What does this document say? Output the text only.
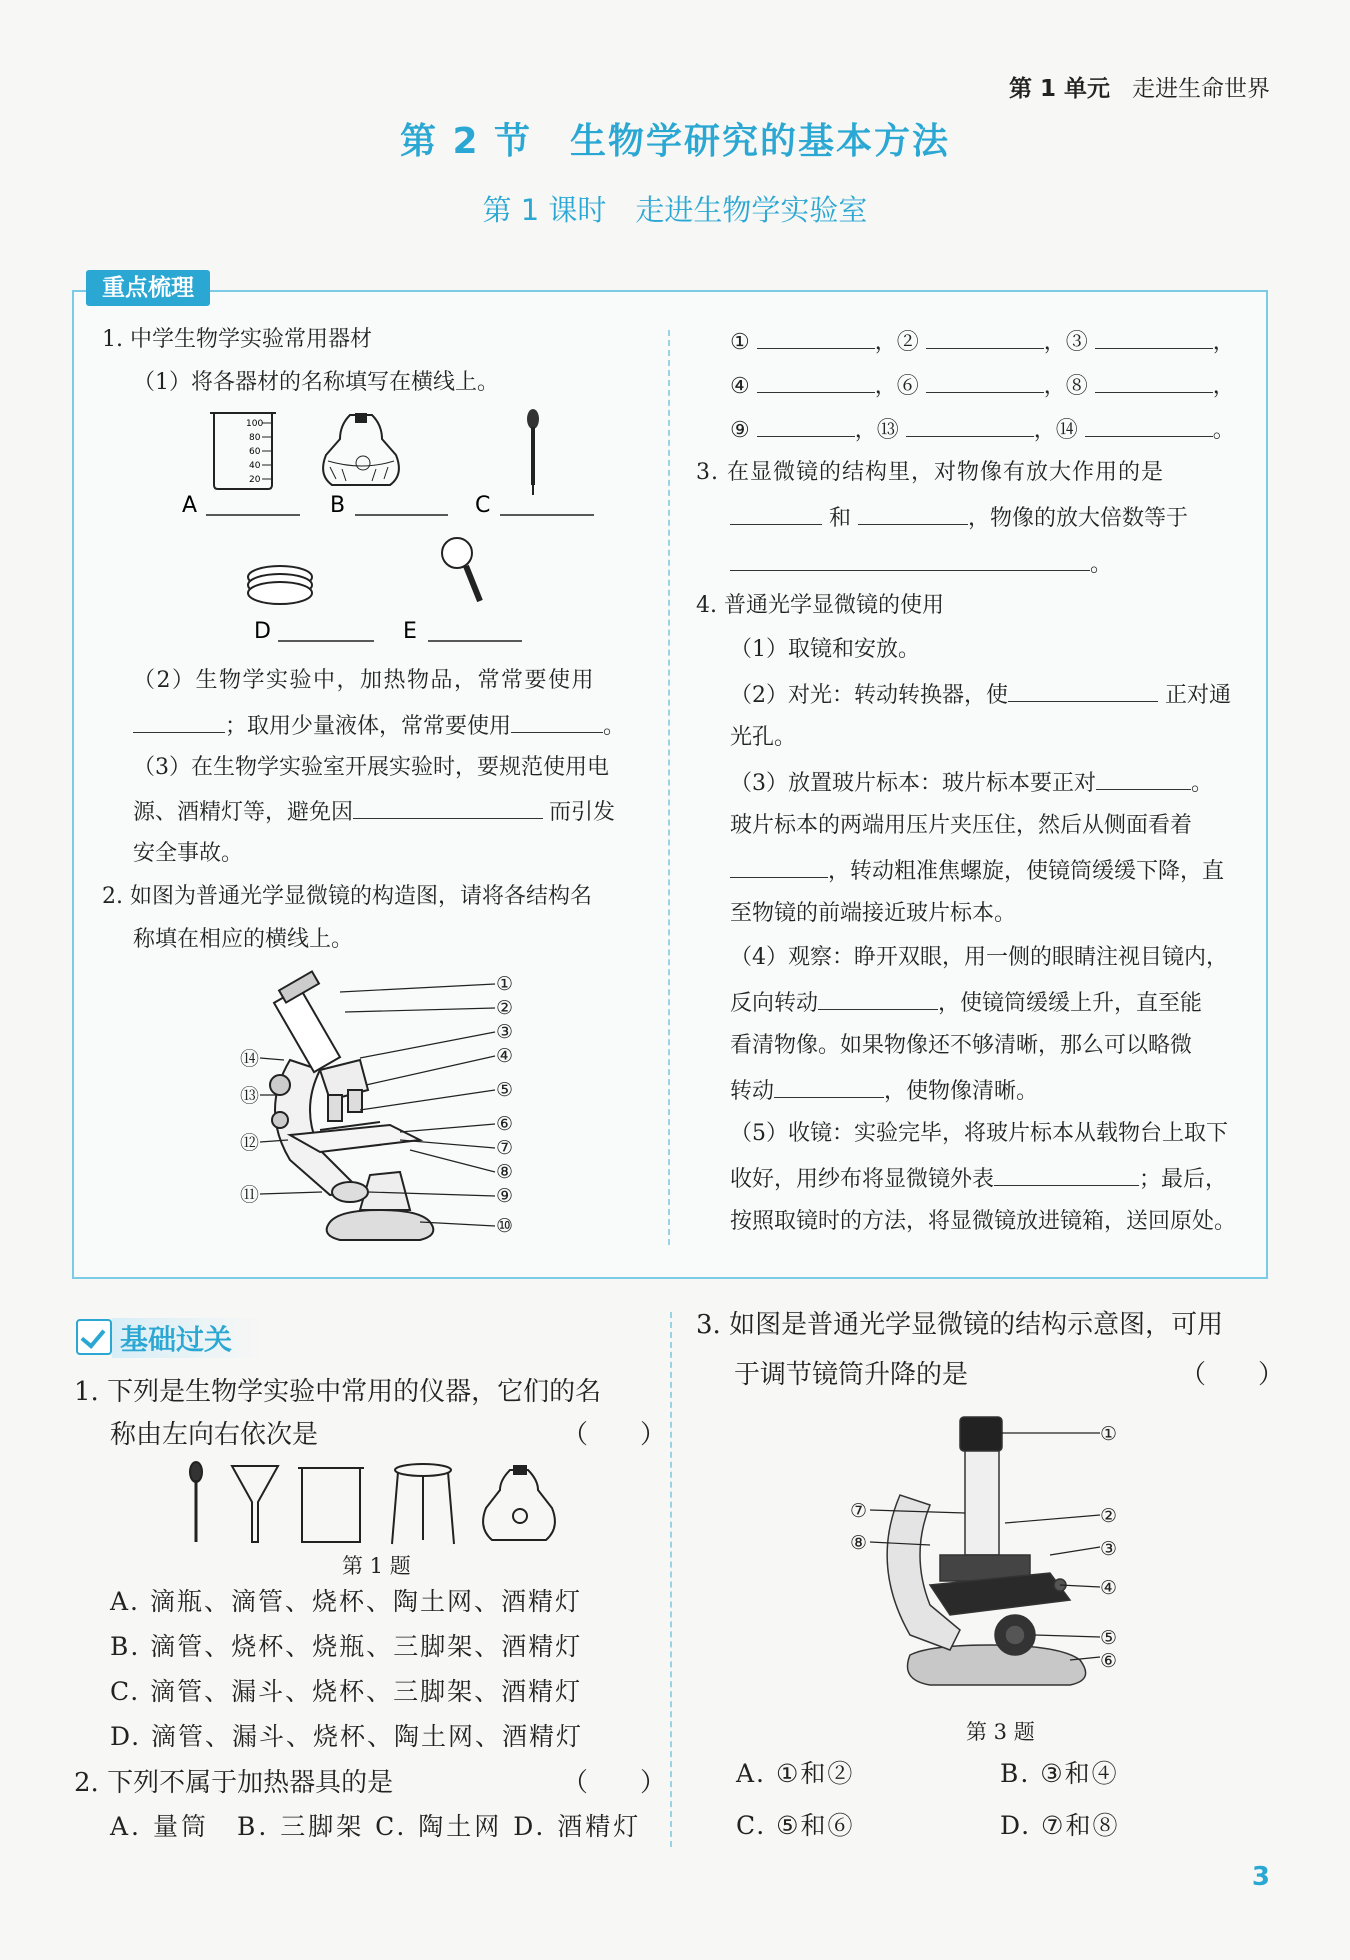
第 1 单元 走进生命世界
第 2 节　生物学研究的基本方法
第 1 课时　走进生物学实验室
重点梳理
1. 中学生物学实验常用器材
（1）将各器材的名称填写在横线上。
100
80
60
40
20
A	B	C
D	E
（2）生物学实验中，加热物品，常常要使用
；取用少量液体，常常要使用	。
（3）在生物学实验室开展实验时，要规范使用电
源、酒精灯等，避免因	而引发
安全事故。
2. 如图为普通光学显微镜的构造图，请将各结构名
称填在相应的横线上。
①
②
③
④
⑤
⑥
⑦
⑧
⑨
⑩
⑭
⑬
⑫
⑪
①	，②	，③	，
④	，⑥	，⑧	，
⑨	，⑬	，⑭	。
3. 在显微镜的结构里，对物像有放大作用的是
和	，物像的放大倍数等于
。
4. 普通光学显微镜的使用
（1）取镜和安放。
（2）对光：转动转换器，使	正对通
光孔。
（3）放置玻片标本：玻片标本要正对	。
玻片标本的两端用压片夹压住，然后从侧面看着
，转动粗准焦螺旋，使镜筒缓缓下降，直
至物镜的前端接近玻片标本。
（4）观察：睁开双眼，用一侧的眼睛注视目镜内，
反向转动	，使镜筒缓缓上升，直至能
看清物像。如果物像还不够清晰，那么可以略微
转动	，使物像清晰。
（5）收镜：实验完毕，将玻片标本从载物台上取下
收好，用纱布将显微镜外表	；最后，
按照取镜时的方法，将显微镜放进镜箱，送回原处。
基础过关
1. 下列是生物学实验中常用的仪器，它们的名
称由左向右依次是	（　　）
第 1 题
A. 滴瓶、滴管、烧杯、陶土网、酒精灯
B. 滴管、烧杯、烧瓶、三脚架、酒精灯
C. 滴管、漏斗、烧杯、三脚架、酒精灯
D. 滴管、漏斗、烧杯、陶土网、酒精灯
2. 下列不属于加热器具的是	（　　）
A. 量筒　B. 三脚架 C. 陶土网 D. 酒精灯
3. 如图是普通光学显微镜的结构示意图，可用
于调节镜筒升降的是	（　　）
①
②
③
④
⑤
⑥
⑦
⑧
第 3 题
A. ①和②	B. ③和④
C. ⑤和⑥	D. ⑦和⑧
3
